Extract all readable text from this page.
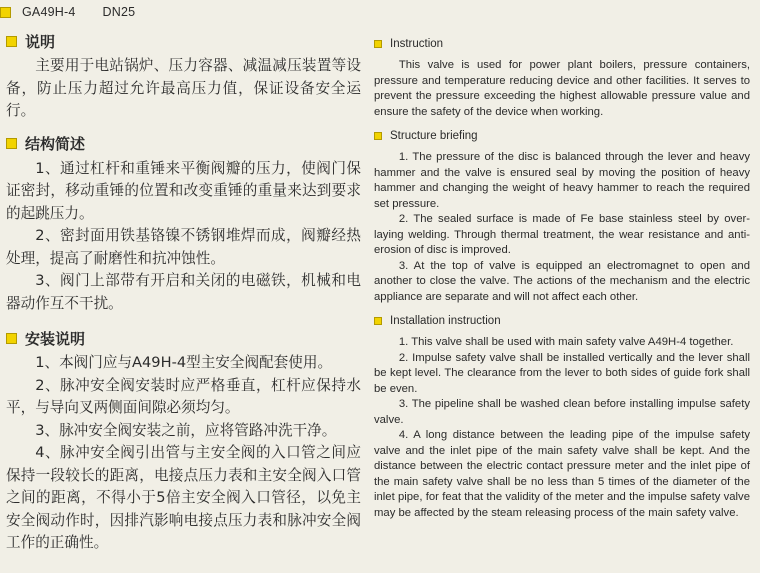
GA49H-4 DN25
说明

主要用于电站锅炉、压力容器、减温减压装置等设备，防止压力超过允许最高压力值，保证设备安全运行。

结构简述

1、通过杠杆和重锤来平衡阀瓣的压力，使阀门保证密封，移动重锤的位置和改变重锤的重量来达到要求的起跳压力。

2、密封面用铁基铬镍不锈钢堆焊而成，阀瓣经热处理，提高了耐磨性和抗冲蚀性。

3、阀门上部带有开启和关闭的电磁铁，机械和电器动作互不干扰。

安装说明

1、本阀门应与A49H-4型主安全阀配套使用。

2、脉冲安全阀安装时应严格垂直，杠杆应保持水平，与导向叉两侧面间隙必须均匀。

3、脉冲安全阀安装之前，应将管路冲洗干净。

4、脉冲安全阀引出管与主安全阀的入口管之间应保持一段较长的距离，电接点压力表和主安全阀入口管之间的距离，不得小于5倍主安全阀入口管径，以免主安全阀动作时，因排汽影响电接点压力表和脉冲安全阀工作的正确性。

Instruction

This valve is used for power plant boilers, pressure containers, pressure and temperature reducing device and other facilities. It serves to prevent the pressure exceeding the highest allowable pressure value and ensure the safety of the device when working.

Structure briefing

1. The pressure of the disc is balanced through the lever and heavy hammer and the valve is ensured seal by moving the position of heavy hammer and changing the weight of heavy hammer to reach the required set pressure.

2. The sealed surface is made of Fe base stainless steel by over-laying welding. Through thermal treatment, the wear resistance and anti-erosion of disc is improved.

3. At the top of valve is equipped an electromagnet to open and another to close the valve. The actions of the mechanism and the electric appliance are separate and will not affect each other.

Installation instruction

1. This valve shall be used with main safety valve A49H-4 together.

2. Impulse safety valve shall be installed vertically and the lever shall be kept level. The clearance from the lever to both sides of guide fork shall be even.

3. The pipeline shall be washed clean before installing impulse safety valve.

4. A long distance between the leading pipe of the impulse safety valve and the inlet pipe of the main safety valve shall be kept. And the distance between the electric contact pressure meter and the inlet pipe of the main safety valve shall be no less than 5 times of the diameter of the inlet pipe, for feat that the validity of the meter and the impulse safety valve may be affected by the steam releasing process of the main safety valve.
